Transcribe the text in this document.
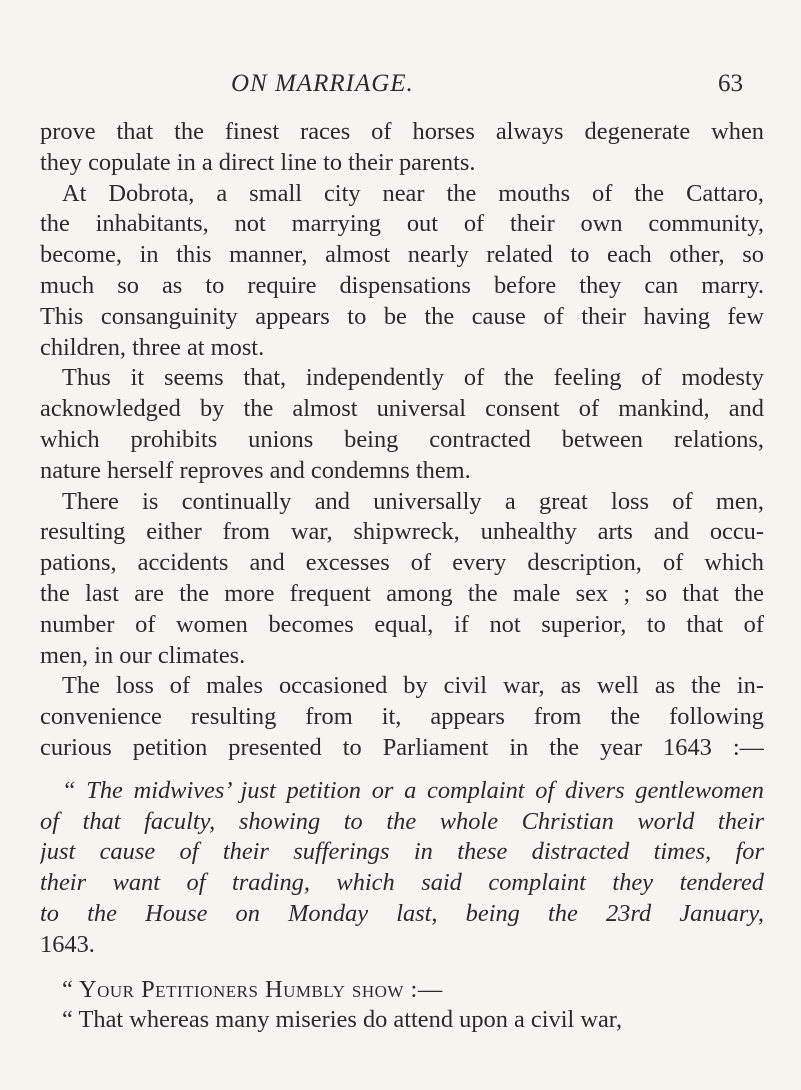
ON MARRIAGE.	63
prove that the finest races of horses always degenerate when
they copulate in a direct line to their parents.
At Dobrota, a small city near the mouths of the Cattaro,
the inhabitants, not marrying out of their own community,
become, in this manner, almost nearly related to each other, so
much so as to require dispensations before they can marry.
This consanguinity appears to be the cause of their having few
children, three at most.
Thus it seems that, independently of the feeling of modesty
acknowledged by the almost universal consent of mankind, and
which prohibits unions being contracted between relations,
nature herself reproves and condemns them.
There is continually and universally a great loss of men,
resulting either from war, shipwreck, unhealthy arts and occu-
pations, accidents and excesses of every description, of which
the last are the more frequent among the male sex ; so that the
number of women becomes equal, if not superior, to that of
men, in our climates.
The loss of males occasioned by civil war, as well as the in-
convenience resulting from it, appears from the following
curious petition presented to Parliament in the year 1643 :—
“ The midwives’ just petition or a complaint of divers gentlewomen
of that faculty, showing to the whole Christian world their
just cause of their sufferings in these distracted times, for
their want of trading, which said complaint they tendered
to the House on Monday last, being the 23rd January,
1643.
“ Your Petitioners Humbly show :—
“ That whereas many miseries do attend upon a civil war,
